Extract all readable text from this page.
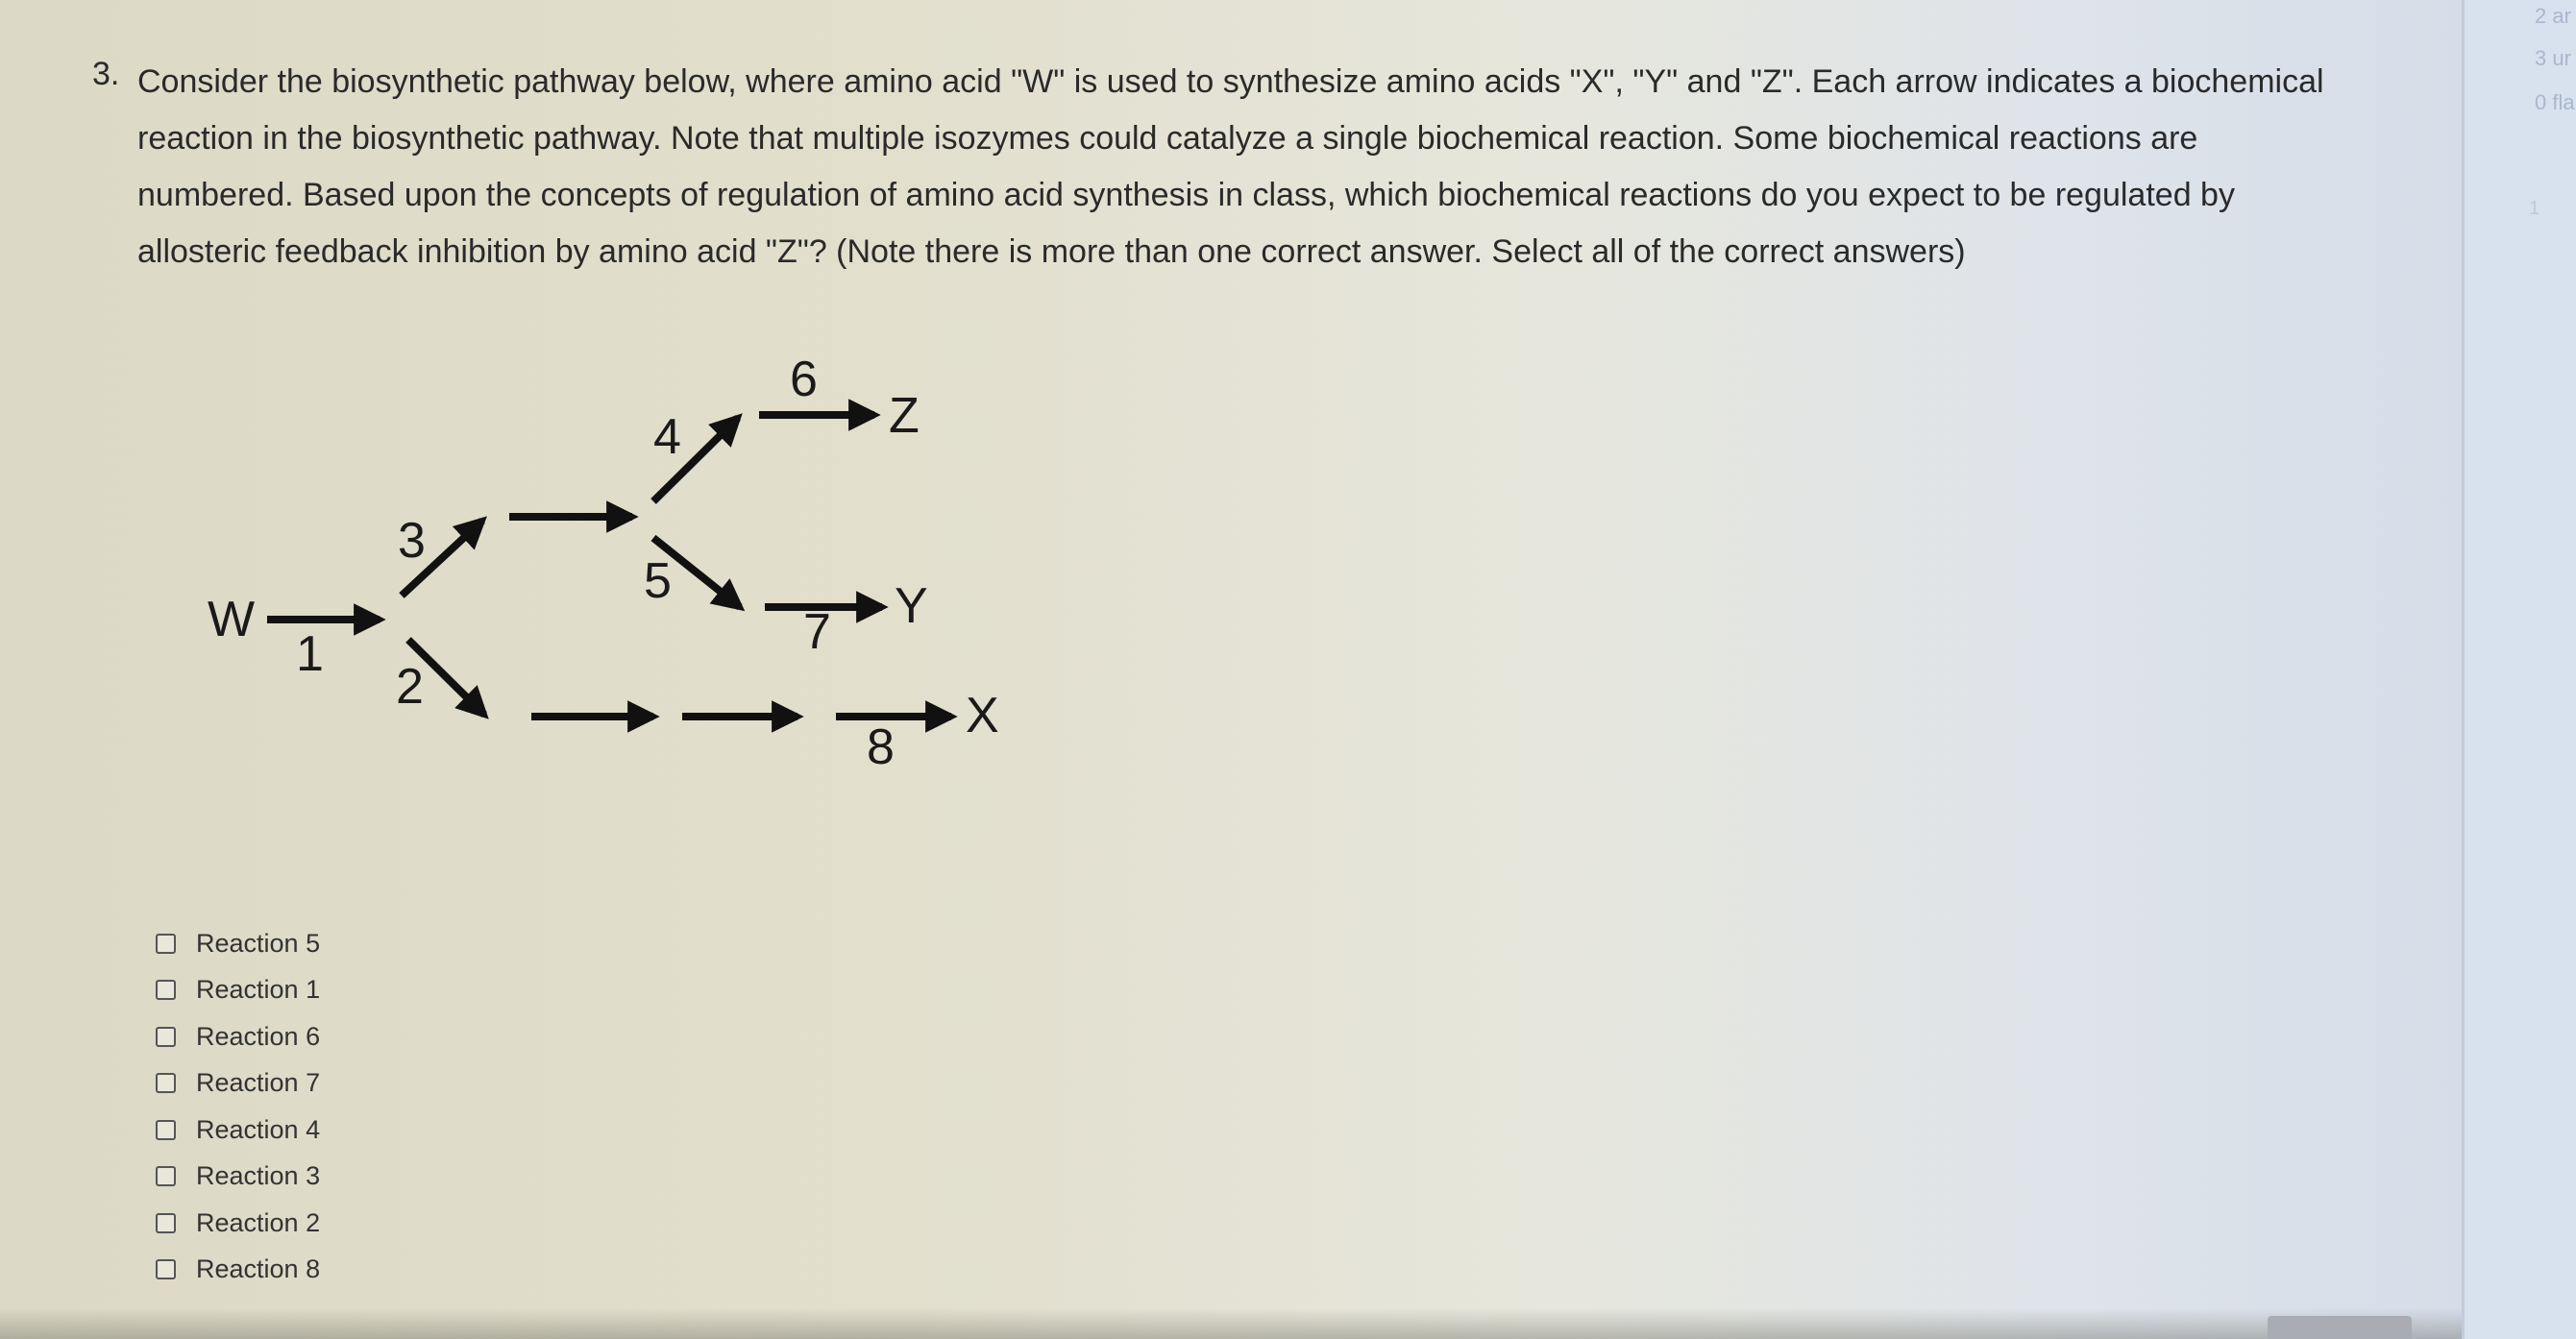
3. Consider the biosynthetic pathway below, where amino acid "W" is used to synthesize amino acids "X", "Y" and "Z". Each arrow indicates a biochemical
reaction in the biosynthetic pathway. Note that multiple isozymes could catalyze a single biochemical reaction. Some biochemical reactions are
numbered. Based upon the concepts of regulation of amino acid synthesis in class, which biochemical reactions do you expect to be regulated by
allosteric feedback inhibition by amino acid "Z"? (Note there is more than one correct answer. Select all of the correct answers)
W
Z
Y
X
1
2
3
4
5
6
7
8
Reaction 5
Reaction 1
Reaction 6
Reaction 7
Reaction 4
Reaction 3
Reaction 2
Reaction 8
2 ar
3 ur
0 fla
1
